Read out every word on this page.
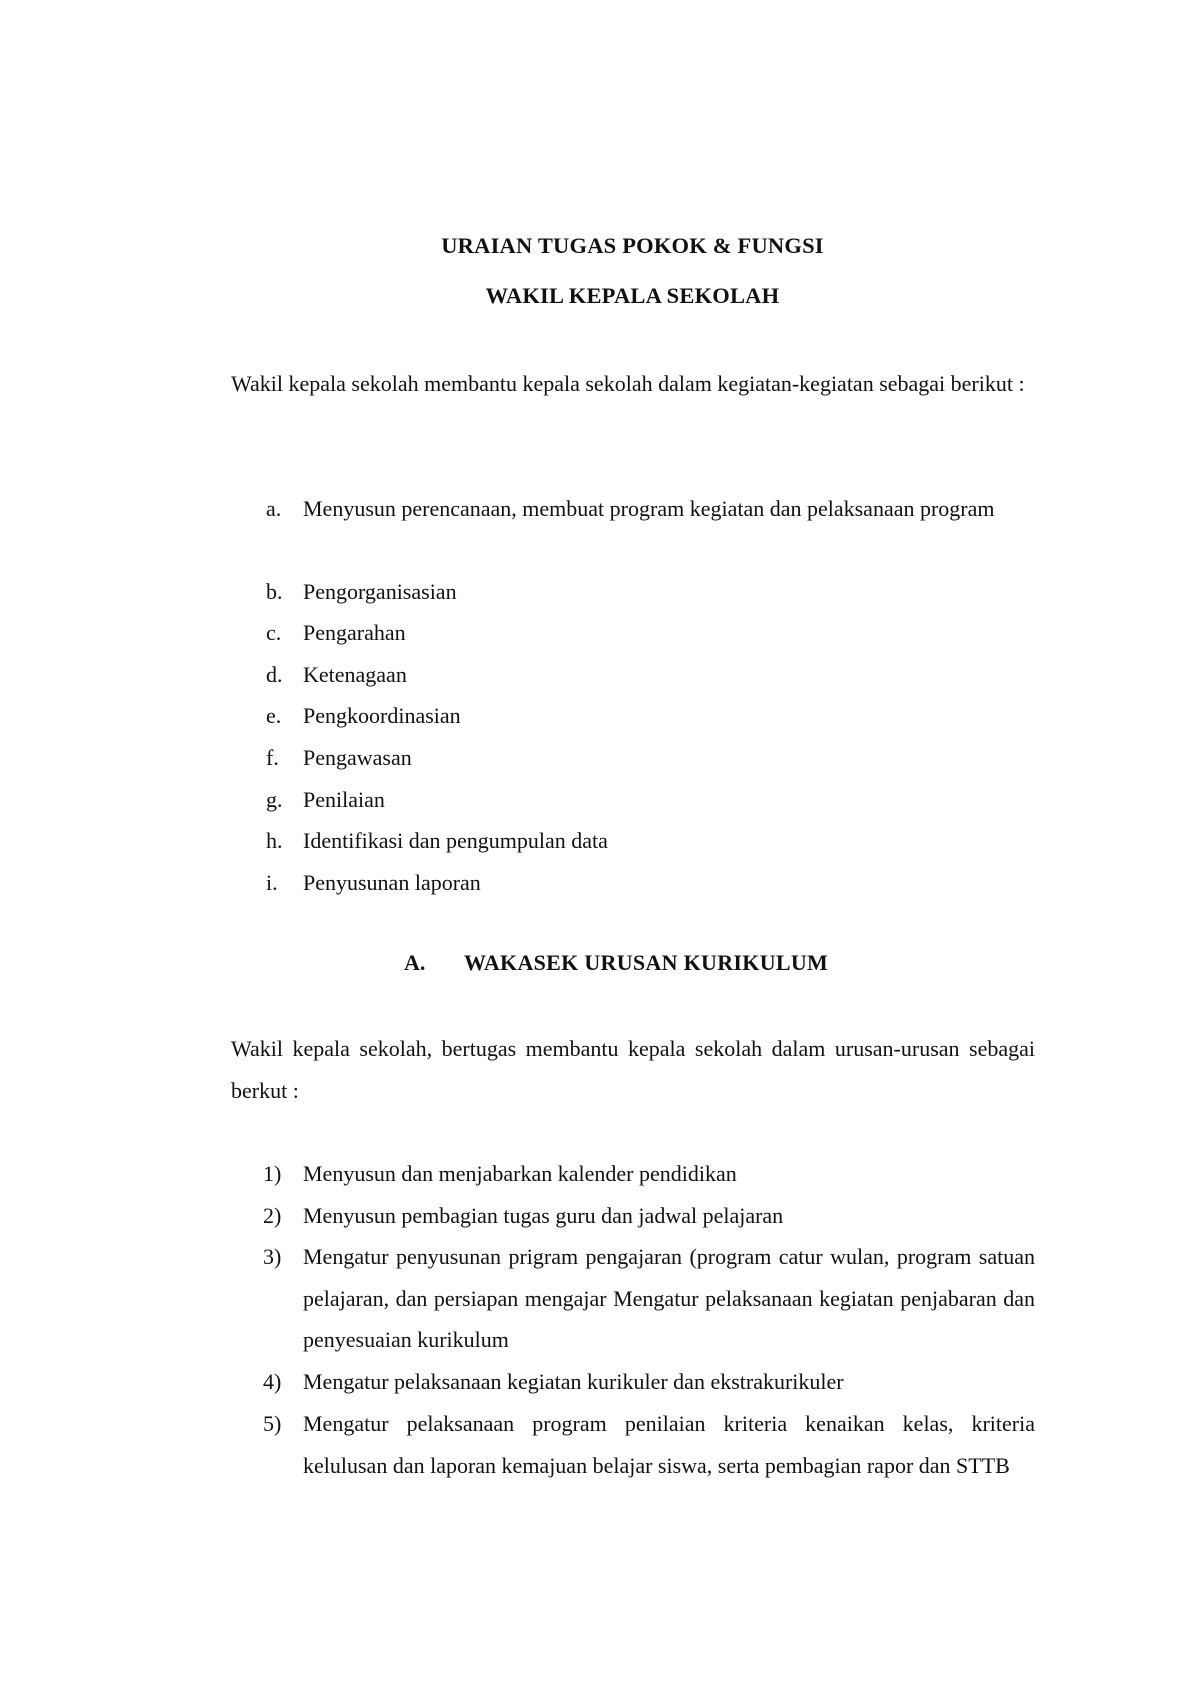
URAIAN TUGAS POKOK & FUNGSI
WAKIL KEPALA SEKOLAH
Wakil kepala sekolah membantu kepala sekolah dalam kegiatan-kegiatan sebagai berikut :
a. Menyusun perencanaan, membuat program kegiatan dan pelaksanaan program
b. Pengorganisasian
c. Pengarahan
d. Ketenagaan
e. Pengkoordinasian
f. Pengawasan
g. Penilaian
h. Identifikasi dan pengumpulan data
i. Penyusunan laporan
A. WAKASEK URUSAN KURIKULUM
Wakil kepala sekolah, bertugas membantu kepala sekolah dalam urusan-urusan sebagai berkut :
1) Menyusun dan menjabarkan kalender pendidikan
2) Menyusun pembagian tugas guru dan jadwal pelajaran
3) Mengatur penyusunan prigram pengajaran (program catur wulan, program satuan pelajaran, dan persiapan mengajar Mengatur pelaksanaan kegiatan penjabaran dan penyesuaian kurikulum
4) Mengatur pelaksanaan kegiatan kurikuler dan ekstrakurikuler
5) Mengatur pelaksanaan program penilaian kriteria kenaikan kelas, kriteria kelulusan dan laporan kemajuan belajar siswa, serta pembagian rapor dan STTB
